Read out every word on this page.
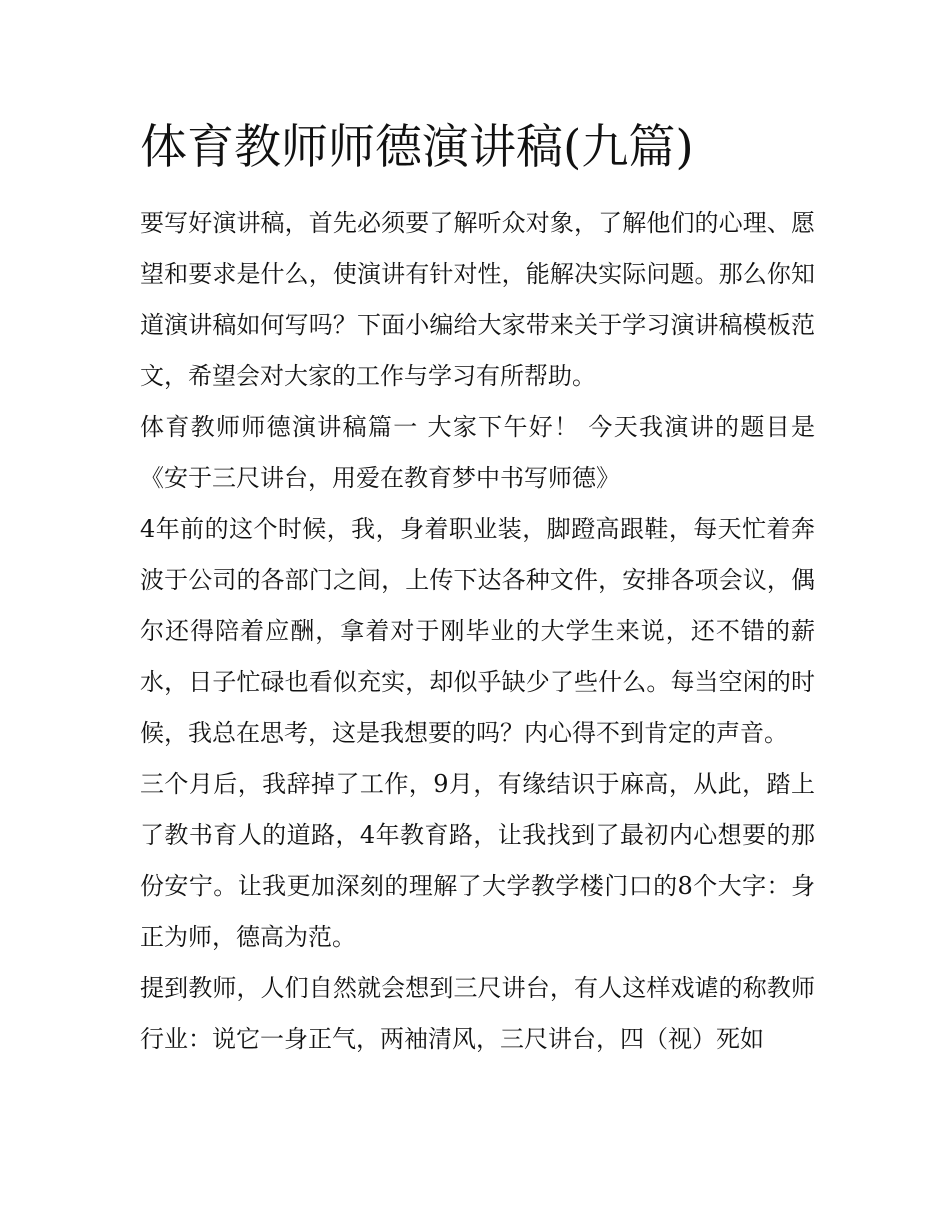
体育教师师德演讲稿(九篇)

要写好演讲稿，首先必须要了解听众对象，了解他们的心理、愿望和要求是什么，使演讲有针对性，能解决实际问题。那么你知道演讲稿如何写吗？下面小编给大家带来关于学习演讲稿模板范文，希望会对大家的工作与学习有所帮助。

体育教师师德演讲稿篇一 大家下午好！ 今天我演讲的题目是《安于三尺讲台，用爱在教育梦中书写师德》

4年前的这个时候，我，身着职业装，脚蹬高跟鞋，每天忙着奔波于公司的各部门之间，上传下达各种文件，安排各项会议，偶尔还得陪着应酬，拿着对于刚毕业的大学生来说，还不错的薪水，日子忙碌也看似充实，却似乎缺少了些什么。每当空闲的时候，我总在思考，这是我想要的吗？内心得不到肯定的声音。

三个月后，我辞掉了工作，9月，有缘结识于麻高，从此，踏上了教书育人的道路，4年教育路，让我找到了最初内心想要的那份安宁。让我更加深刻的理解了大学教学楼门口的8个大字：身正为师，德高为范。

提到教师，人们自然就会想到三尺讲台，有人这样戏谑的称教师行业：说它一身正气，两袖清风，三尺讲台，四（视）死如
